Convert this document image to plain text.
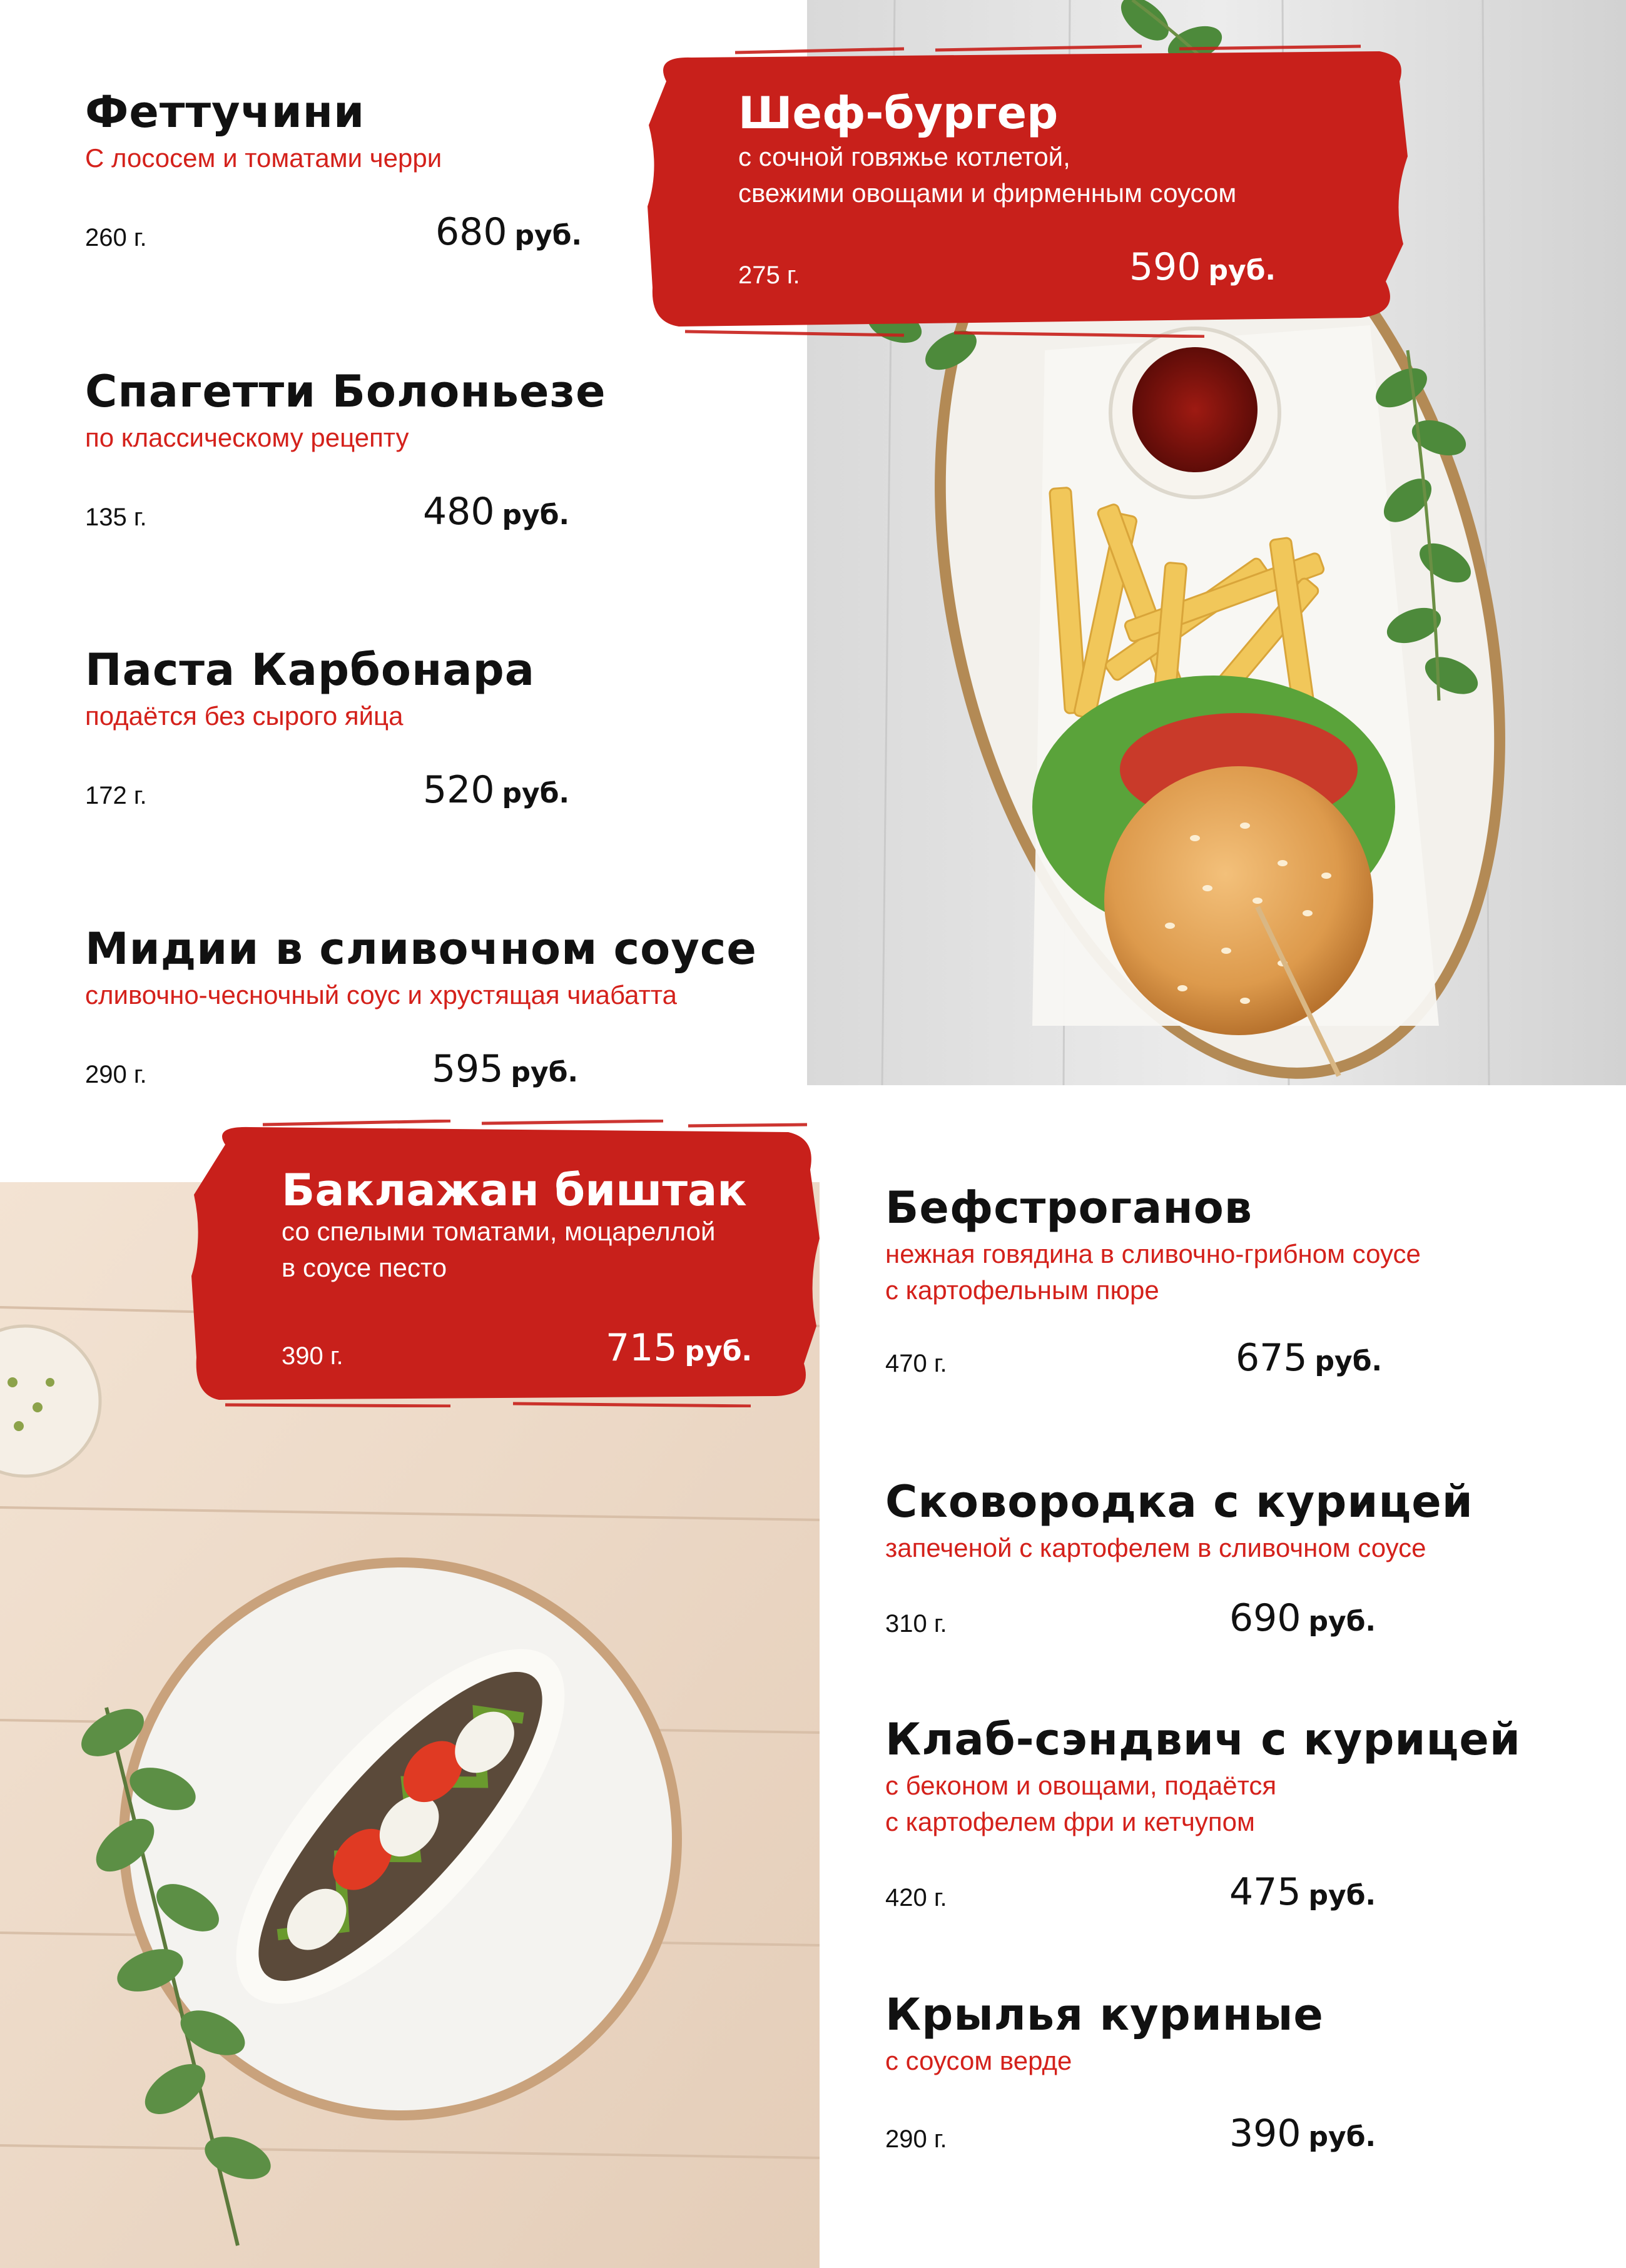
Феттучини
С лососем и томатами черри
260 г.	680 руб.
Спагетти Болоньезе
по классическому рецепту
135 г.	480 руб.
Паста Карбонара
подаётся без сырого яйца
172 г.	520 руб.
Мидии в сливочном соусе
сливочно-чесночный соус и хрустящая чиабатта
290 г.	595 руб.
Шеф-бургер
с сочной говяжье котлетой,
свежими овощами и фирменным соусом
275 г.	590 руб.
Баклажан биштак
со спелыми томатами, моцареллой
в соусе песто
390 г.	715 руб.
Бефстроганов
нежная говядина в сливочно-грибном соусе
с картофельным пюре
470 г.	675 руб.
Сковородка с курицей
запеченой с картофелем в сливочном соусе
310 г.	690 руб.
Клаб-сэндвич с курицей
с беконом и овощами, подаётся
с картофелем фри и кетчупом
420 г.	475 руб.
Крылья куриные
с соусом верде
290 г.	390 руб.
